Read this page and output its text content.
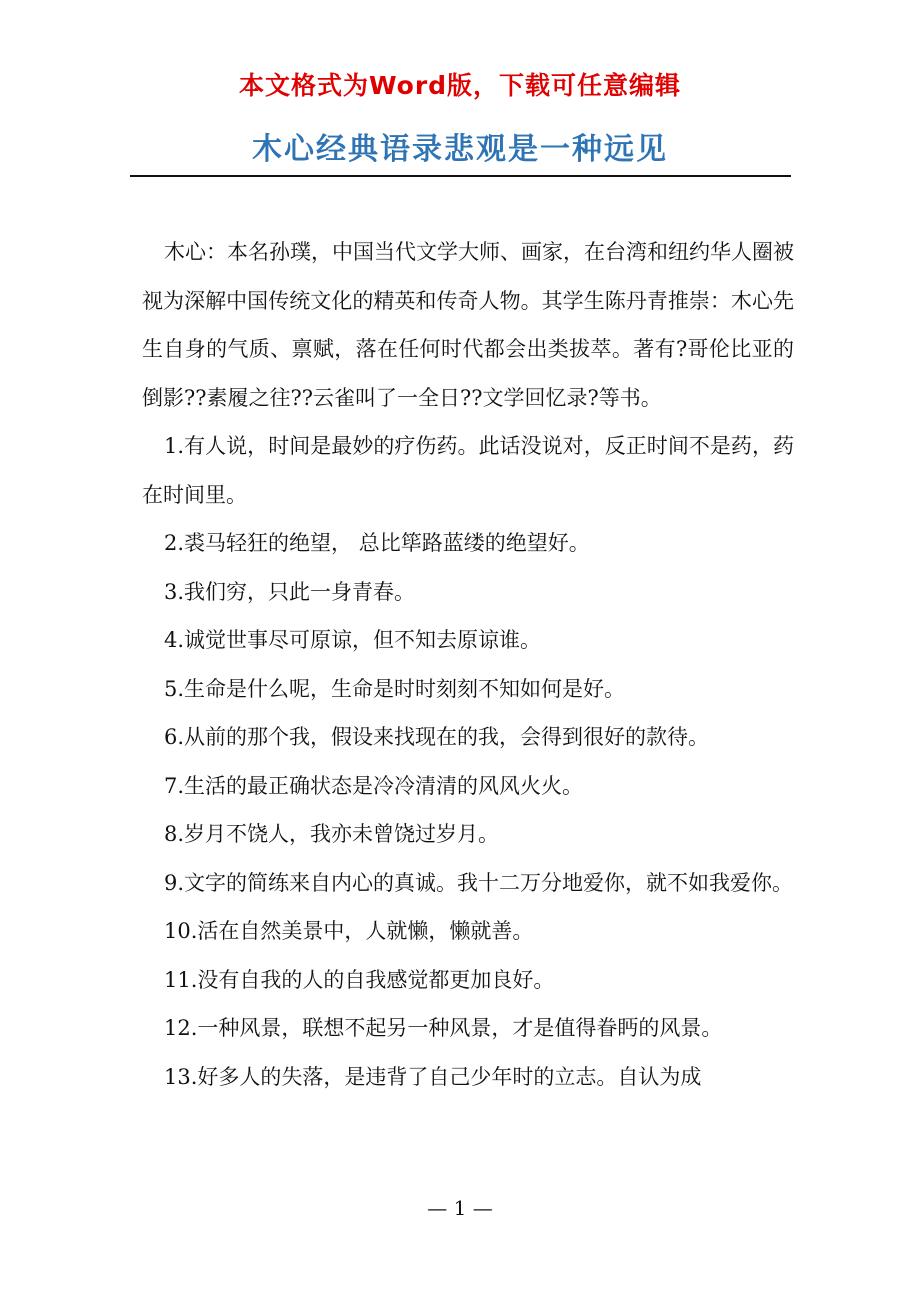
本文格式为Word版，下载可任意编辑
木心经典语录悲观是一种远见

木心：本名孙璞，中国当代文学大师、画家，在台湾和纽约华人圈被视为深解中国传统文化的精英和传奇人物。其学生陈丹青推崇：木心先生自身的气质、禀赋，落在任何时代都会出类拔萃。著有?哥伦比亚的倒影??素履之往??云雀叫了一全日??文学回忆录?等书。

1.有人说，时间是最妙的疗伤药。此话没说对，反正时间不是药，药在时间里。

2.裘马轻狂的绝望， 总比筚路蓝缕的绝望好。

3.我们穷，只此一身青春。

4.诚觉世事尽可原谅，但不知去原谅谁。

5.生命是什么呢，生命是时时刻刻不知如何是好。

6.从前的那个我，假设来找现在的我，会得到很好的款待。

7.生活的最正确状态是冷冷清清的风风火火。

8.岁月不饶人，我亦未曾饶过岁月。

9.文字的简练来自内心的真诚。我十二万分地爱你，就不如我爱你。

10.活在自然美景中，人就懒，懒就善。

11.没有自我的人的自我感觉都更加良好。

12.一种风景，联想不起另一种风景，才是值得眷眄的风景。

13.好多人的失落，是违背了自己少年时的立志。自认为成

— 1 —
